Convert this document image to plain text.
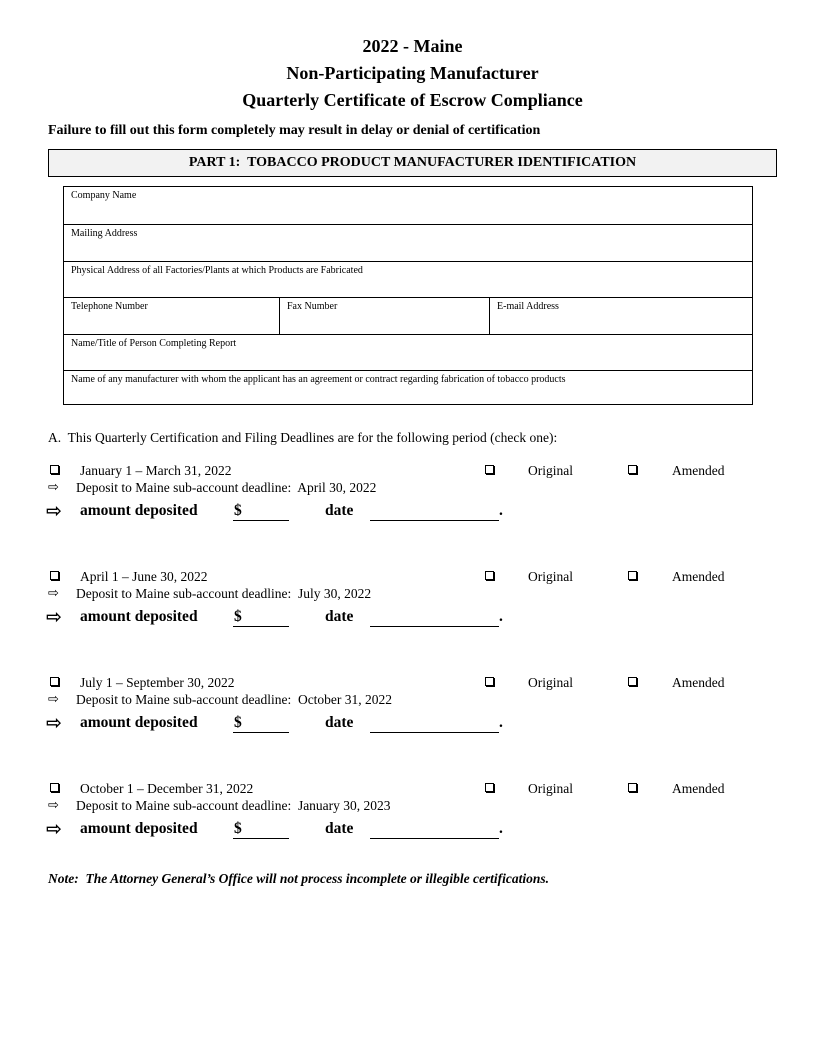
2022 - Maine
Non-Participating Manufacturer
Quarterly Certificate of Escrow Compliance
Failure to fill out this form completely may result in delay or denial of certification
PART 1:  TOBACCO PRODUCT MANUFACTURER IDENTIFICATION
Company Name
Mailing Address
Physical Address of all Factories/Plants at which Products are Fabricated
Telephone Number	Fax Number	E-mail Address
Name/Title of Person Completing Report
Name of any manufacturer with whom the applicant has an agreement or contract regarding fabrication of tobacco products
A.  This Quarterly Certification and Filing Deadlines are for the following period (check one):
January 1 – March 31, 2022	Original	Amended
⇨ Deposit to Maine sub-account deadline:  April 30, 2022
⇨ amount deposited $	date	.
April 1 – June 30, 2022	Original	Amended
⇨ Deposit to Maine sub-account deadline:  July 30, 2022
⇨ amount deposited $	date	.
July 1 – September 30, 2022	Original	Amended
⇨ Deposit to Maine sub-account deadline:  October 31, 2022
⇨ amount deposited $	date	.
October 1 – December 31, 2022	Original	Amended
⇨ Deposit to Maine sub-account deadline:  January 30, 2023
⇨ amount deposited $	date	.
Note:  The Attorney General’s Office will not process incomplete or illegible certifications.
